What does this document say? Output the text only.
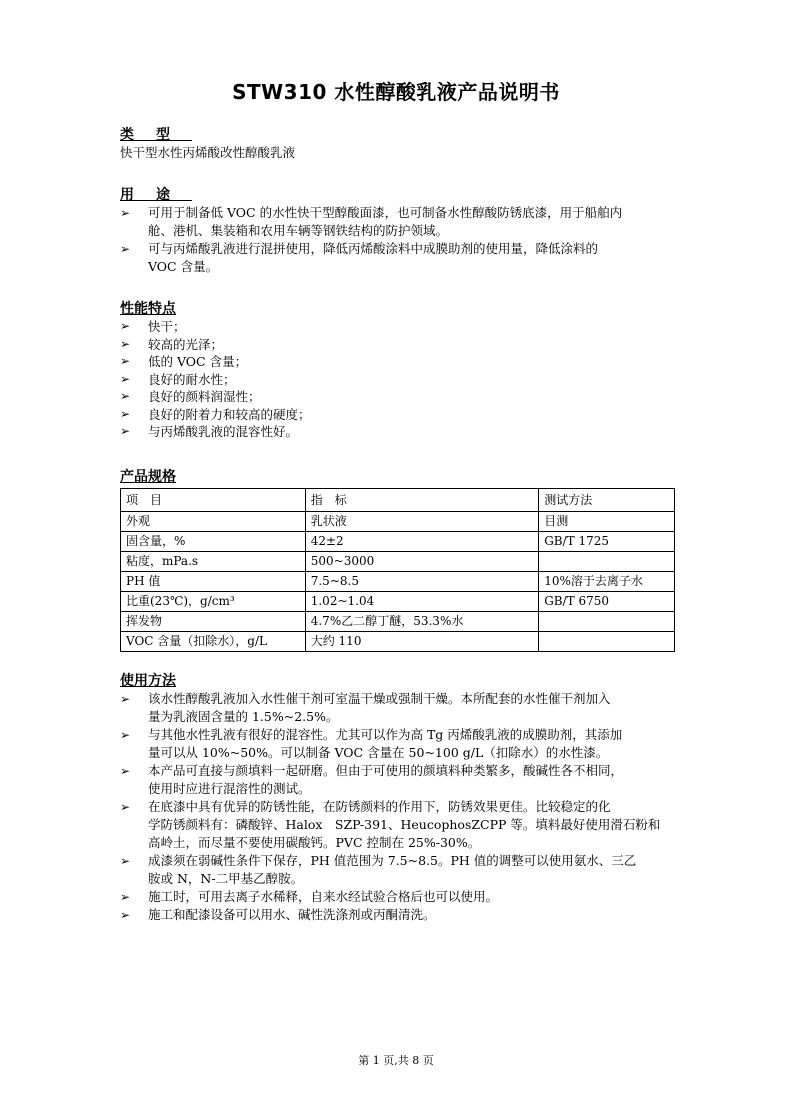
STW310 水性醇酸乳液产品说明书
类型
快干型水性丙烯酸改性醇酸乳液
用途
➢	可用于制备低 VOC 的水性快干型醇酸面漆，也可制备水性醇酸防锈底漆，用于船舶内
舱、港机、集装箱和农用车辆等钢铁结构的防护领域。
➢	可与丙烯酸乳液进行混拼使用，降低丙烯酸涂料中成膜助剂的使用量，降低涂料的
VOC 含量。
性能特点
➢	快干；
➢	较高的光泽；
➢	低的 VOC 含量；
➢	良好的耐水性；
➢	良好的颜料润湿性；
➢	良好的附着力和较高的硬度；
➢	与丙烯酸乳液的混容性好。
产品规格
项　目	指　标	测试方法
外观	乳状液	目测
固含量，%	42±2	GB/T 1725
粘度，mPa.s	500~3000	
PH 值	7.5~8.5	10%溶于去离子水
比重(23℃)，g/cm³	1.02~1.04	GB/T 6750
挥发物	4.7%乙二醇丁醚，53.3%水	
VOC 含量（扣除水），g/L	大约 110	
使用方法
➢	该水性醇酸乳液加入水性催干剂可室温干燥或强制干燥。本所配套的水性催干剂加入
量为乳液固含量的 1.5%~2.5%。
➢	与其他水性乳液有很好的混容性。尤其可以作为高 Tg 丙烯酸乳液的成膜助剂，其添加
量可以从 10%~50%。可以制备 VOC 含量在 50~100 g/L（扣除水）的水性漆。
➢	本产品可直接与颜填料一起研磨。但由于可使用的颜填料种类繁多，酸碱性各不相同，
使用时应进行混溶性的测试。
➢	在底漆中具有优异的防锈性能，在防锈颜料的作用下，防锈效果更佳。比较稳定的化
学防锈颜料有：磷酸锌、Halox　SZP-391、HeucophosZCPP 等。填料最好使用滑石粉和
高岭土，而尽量不要使用碳酸钙。PVC 控制在 25%-30%。
➢	成漆须在弱碱性条件下保存，PH 值范围为 7.5~8.5。PH 值的调整可以使用氨水、三乙
胺或 N，N-二甲基乙醇胺。
➢	施工时，可用去离子水稀释，自来水经试验合格后也可以使用。
➢	施工和配漆设备可以用水、碱性洗涤剂或丙酮清洗。
第 1 页,共 8 页
